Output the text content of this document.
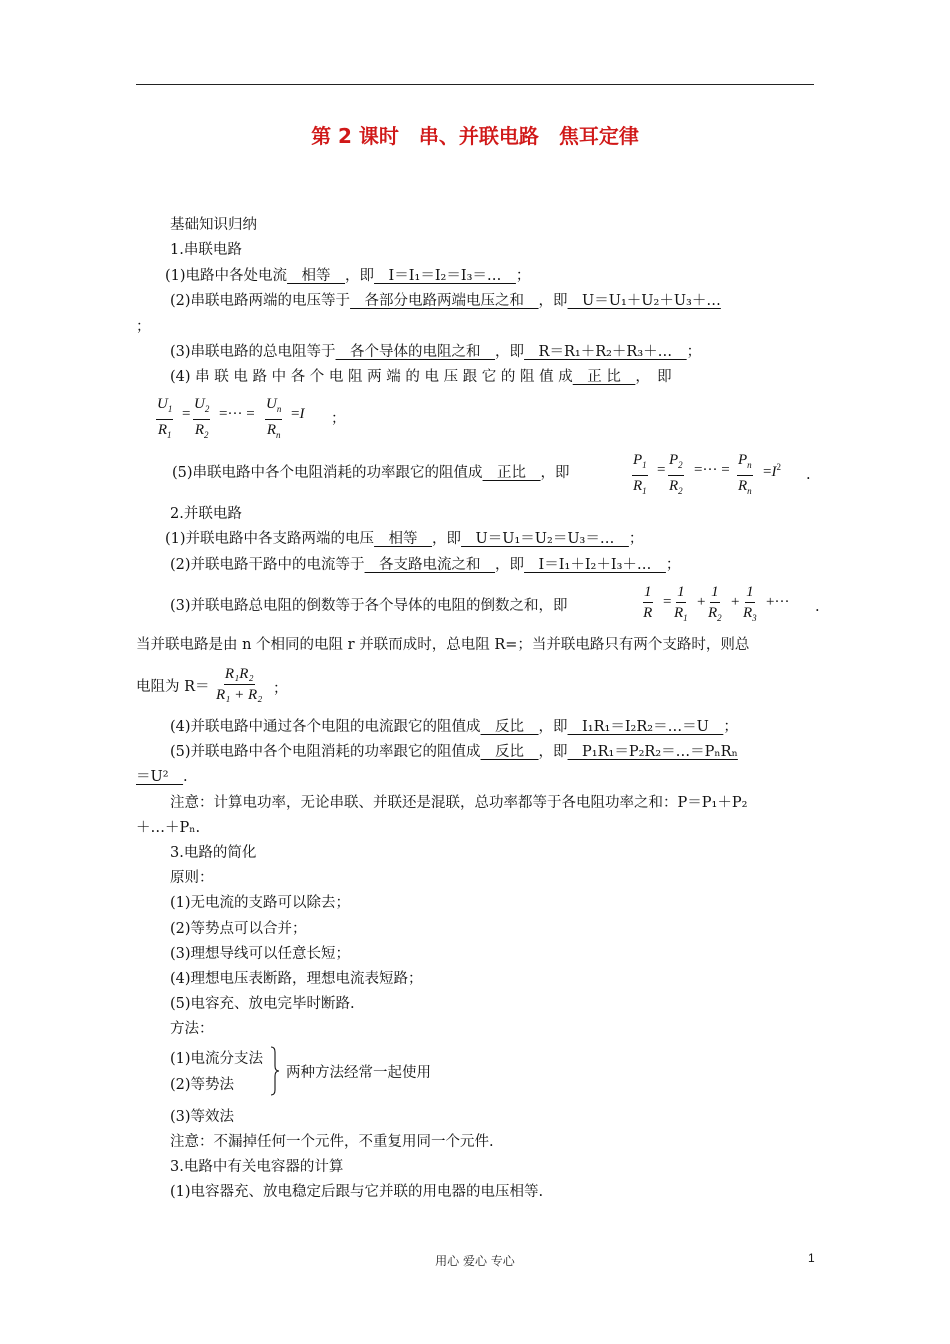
第 2 课时　串、并联电路　焦耳定律
基础知识归纳
1.串联电路
(1)电路中各处电流　相等　，即　I＝I₁＝I₂＝I₃＝…　；
(2)串联电路两端的电压等于　各部分电路两端电压之和　，即　U＝U₁＋U₂＋U₃＋…
；
(3)串联电路的总电阻等于　各个导体的电阻之和　，即　R＝R₁＋R₂＋R₃＋…　；
(4) 串 联 电 路 中 各 个 电 阻 两 端 的 电 压 跟 它 的 阻 值 成　正 比　，　即
$\frac{U_1}{R_1} = \frac{U_2}{R_2}$ =··· = $\frac{U_n}{R_n} =I$ ；
(5)串联电路中各个电阻消耗的功率跟它的阻值成　正比　，即	$\frac{P_1}{R_1} = \frac{P_2}{R_2}$ =··· = $\frac{P_n}{R_n} =I^2$ .
2.并联电路
(1)并联电路中各支路两端的电压　相等　，即　U＝U₁＝U₂＝U₃＝…　；
(2)并联电路干路中的电流等于　各支路电流之和　，即　I＝I₁＋I₂＋I₃＋…　；
(3)并联电路总电阻的倒数等于各个导体的电阻的倒数之和，即	$\frac{1}{R} = \frac{1}{R_1} + \frac{1}{R_2} + \frac{1}{R_3}$ +··· .
当并联电路是由 n 个相同的电阻 r 并联而成时，总电阻 R=；当并联电路只有两个支路时，则总
电阻为 $R= \frac{\text{R₁R₂}}{\text{R₁ + R₂}}$ ；
(4)并联电路中通过各个电阻的电流跟它的阻值成　反比　，即　I₁R₁＝I₂R₂＝…＝U　；
(5)并联电路中各个电阻消耗的功率跟它的阻值成　反比　，即　P₁R₁＝P₂R₂＝…＝PₙRₙ
＝U²　.
注意：计算电功率，无论串联、并联还是混联，总功率都等于各电阻功率之和：P＝P₁＋P₂
＋…＋Pₙ.
3.电路的简化
原则：
(1)无电流的支路可以除去；
(2)等势点可以合并；
(3)理想导线可以任意长短；
(4)理想电压表断路，理想电流表短路；
(5)电容充、放电完毕时断路.
方法：
(1)电流分支法
(2)等势法
两种方法经常一起使用
(3)等效法
注意：不漏掉任何一个元件，不重复用同一个元件.
3.电路中有关电容器的计算
(1)电容器充、放电稳定后跟与它并联的用电器的电压相等.
用心 爱心 专心	1
